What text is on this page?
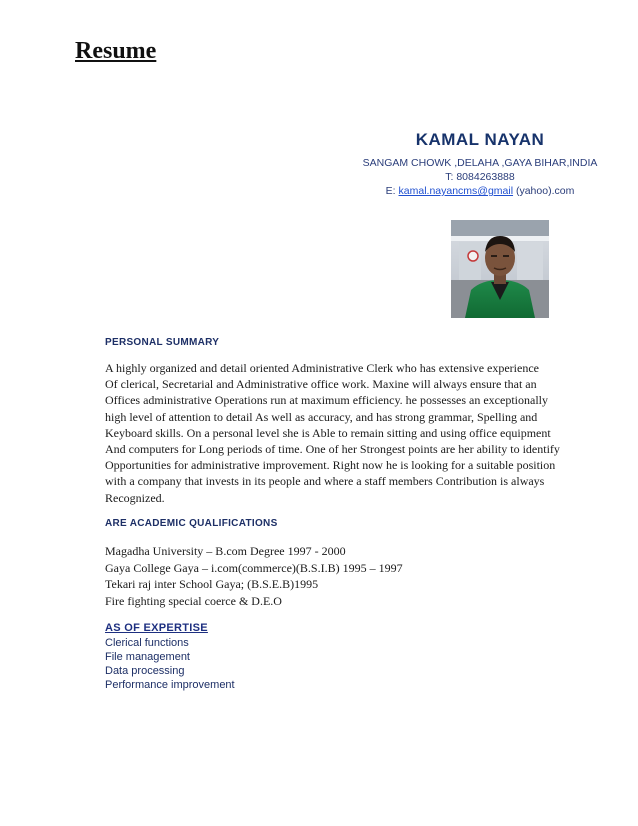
Resume
KAMAL NAYAN
SANGAM CHOWK ,DELAHA ,GAYA BIHAR,INDIA
T: 8084263888
E: kamal.nayancms@gmail (yahoo).com
PERSONAL SUMMARY
A highly organized and detail oriented Administrative Clerk who has extensive experience
Of clerical, Secretarial and Administrative office work. Maxine will always ensure that an
Offices administrative Operations run at maximum efficiency. he possesses an exceptionally
high level of attention to detail As well as accuracy, and has strong grammar, Spelling and
Keyboard skills. On a personal level she is Able to remain sitting and using office equipment
And computers for Long periods of time. One of her Strongest points are her ability to identify
Opportunities for administrative improvement. Right now he is looking for a suitable position
with a company that invests in its people and where a staff members Contribution is always
Recognized.
ARE ACADEMIC QUALIFICATIONS
Magadha University – B.com Degree 1997 - 2000
Gaya College Gaya – i.com(commerce)(B.S.I.B) 1995 – 1997
Tekari raj inter School Gaya; (B.S.E.B)1995
Fire fighting special coerce & D.E.O
AS OF EXPERTISE
Clerical functions
File management
Data processing
Performance improvement
